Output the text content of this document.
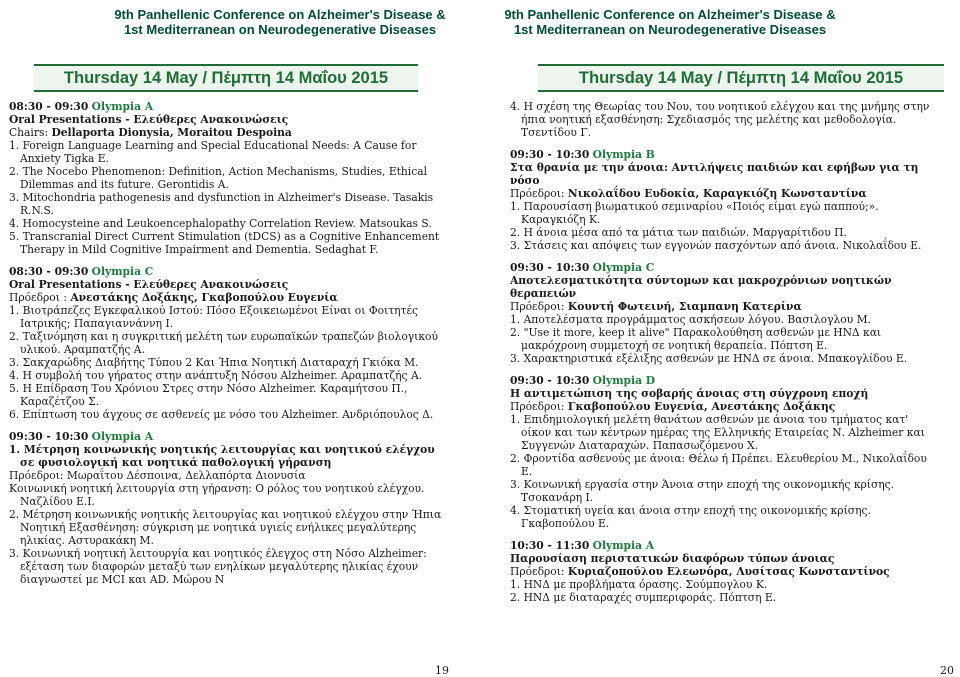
9th Panhellenic Conference on Alzheimer's Disease &
1st Mediterranean on Neurodegenerative Diseases
Thursday 14 May / Πέμπτη 14 Μαΐου 2015
08:30 - 09:30 Olympia A
Oral Presentations - Ελεύθερες Ανακοινώσεις
Chairs: Dellaporta Dionysia, Moraitou Despoina
1. Foreign Language Learning and Special Educational Needs: A Cause for Anxiety Tigka E.
2. The Nocebo Phenomenon: Definition, Action Mechanisms, Studies, Ethical Dilemmas and its future. Gerontidis A.
3. Mitochondria pathogenesis and dysfunction in Alzheimer's Disease. Tasakis R.N.S.
4. Homocysteine and Leukoencephalopathy Correlation Review. Matsoukas S.
5. Transcranial Direct Current Stimulation (tDCS) as a Cognitive Enhancement Therapy in Mild Cognitive Impairment and Dementia. Sedaghat F.
08:30 - 09:30 Olympia C
Oral Presentations - Ελεύθερες Ανακοινώσεις
Πρόεδροι : Ανεστάκης Δοξάκης, Γκαβοπούλου Ευγενία
1. Βιοτράπεζες Εγκεφαλικού Ιστού: Πόσο Εξοικειωμένοι Είναι οι Φοιτητές Ιατρικής; Παπαγιαννάννη Ι.
2. Ταξινόμηση και η συγκριτική μελέτη των ευρωπαϊκών τραπεζών βιολογικού υλικού. Αραμπατζής Α.
3. Σακχαρώδης Διαβήτης Τύπου 2 Και Ήπια Νοητική Διαταραχή Γκιόκα Μ.
4. Η συμβολή του γήρατος στην ανάπτυξη Νόσου Alzheimer. Αραμπατζής Α.
5. Η Επίδραση Του Χρόνιου Στρες στην Νόσο Alzheimer. Καραμήτσου Π., Καραζέτζου Σ.
6. Επίπτωση του άγχους σε ασθενείς με νόσο του Alzheimer. Ανδριόπουλος Δ.
09:30 - 10:30 Olympia A
1. Μέτρηση κοινωνικής νοητικής λειτουργίας και νοητικού ελέγχου σε φυσιολογική και νοητικά παθολογική γήρανση
Πρόεδροι: Μωραΐτου Δέσποινα, Δελλαπόρτα Διονυσία
Κοινωνική νοητική λειτουργία στη γήρανση: Ο ρόλος του νοητικού ελέγχου. Ναζλίδου Ε.Ι.
2. Μέτρηση κοινωνικής νοητικής λειτουργίας και νοητικού ελέγχου στην Ήπια Νοητική Εξασθένηση: σύγκριση με νοητικά υγιείς ενήλικες μεγαλύτερης ηλικίας. Αστυρακάκη Μ.
3. Κοινωνική νοητική λειτουργία και νοητικός έλεγχος στη Νόσο Alzheimer: εξέταση των διαφορών μεταξύ των ενηλίκων μεγαλύτερης ηλικίας έχουν διαγνωστεί με MCI και AD. Μώρου Ν
19
9th Panhellenic Conference on Alzheimer's Disease &
1st Mediterranean on Neurodegenerative Diseases
Thursday 14 May / Πέμπτη 14 Μαΐου 2015
4. Η σχέση της Θεωρίας του Νου, του νοητικού ελέγχου και της μνήμης στην ήπια νοητική εξασθένηση: Σχεδιασμός της μελέτης και μεθοδολογία. Τσεντίδου Γ.
09:30 - 10:30 Olympia B
Στα θρανία με την άνοια: Αντιλήψεις παιδιών και εφήβων για τη νόσο
Πρόεδροι: Νικολαΐδου Ευδοκία, Καραγκιόζη Κωνσταντίνα
1. Παρουσίαση βιωματικού σεμιναρίου «Ποιός είμαι εγώ παππού;». Καραγκιόζη Κ.
2. Η άνοια μέσα από τα μάτια των παιδιών. Μαργαρίτιδου Π.
3. Στάσεις και απόψεις των εγγονών πασχόντων από άνοια. Νικολαΐδου Ε.
09:30 - 10:30 Olympia C
Αποτελεσματικότητα σύντομων και μακροχρόνιων νοητικών θεραπειών
Πρόεδροι: Κουντή Φωτεινή, Σιαμπανη Κατερίνα
1. Αποτελέσματα προγράμματος ασκήσεων λόγου. Βασιλογλου Μ.
2. "Use it more, keep it alive" Παρακολούθηση ασθενών με ΗΝΔ και μακρόχρονη συμμετοχή σε νοητική θεραπεία. Πόπτση Ε.
3. Χαρακτηριστικά εξέλιξης ασθενών με ΗΝΔ σε άνοια. Μπακογλίδου Ε.
09:30 - 10:30 Olympia D
Η αντιμετώπιση της σοβαρής άνοιας στη σύγχρονη εποχή
Πρόεδροι: Γκαβοπούλου Ευγενία, Ανεστάκης Δοξάκης
1. Επιδημιολογική μελέτη θανάτων ασθενών με άνοια του τμήματος κατ' οίκον και των κέντρων ημέρας της Ελληνικής Εταιρείας Ν. Alzheimer και Συγγενών Διαταραχών. Παπασωζόμενου Χ.
2. Φροντίδα ασθενούς με άνοια: Θέλω ή Πρέπει. Ελευθερίου Μ., Νικολαΐδου Ε.
3. Κοινωνική εργασία στην Άνοια στην εποχή της οικονομικής κρίσης. Τσοκανάρη Ι.
4. Στοματική υγεία και άνοια στην εποχή της οικονομικής κρίσης. Γκαβοπούλου Ε.
10:30 - 11:30 Olympia A
Παρουσίαση περιστατικών διαφόρων τύπων άνοιας
Πρόεδροι: Κυριαζοπούλου Ελεωνόρα, Λυσίτσας Κωνσταντίνος
1. ΗΝΔ με προβλήματα όρασης. Σούμπογλου Κ.
2. ΗΝΔ με διαταραχές συμπεριφοράς. Πόπτση Ε.
20
